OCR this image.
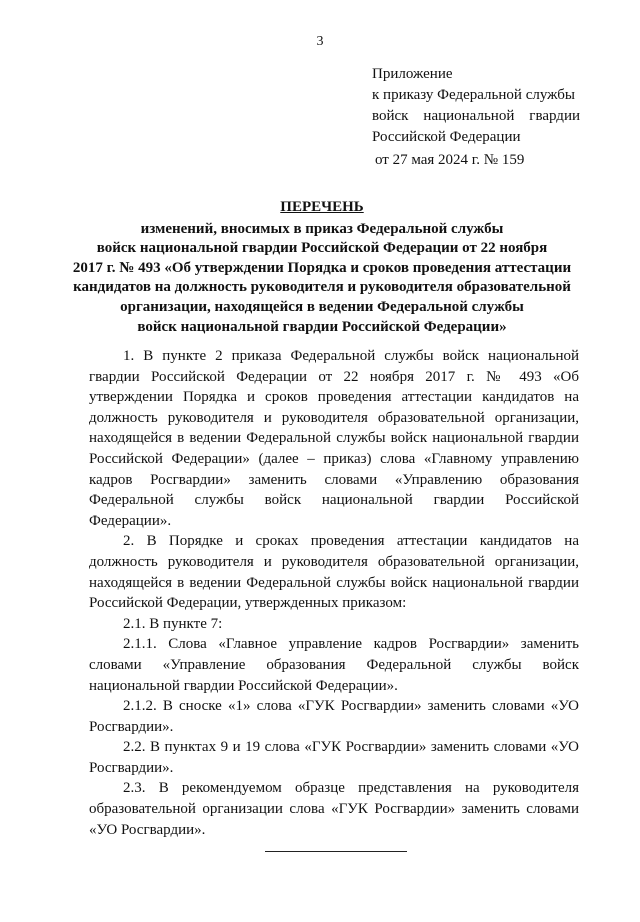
3
Приложение
к приказу Федеральной службы
войск национальной гвардии
Российской Федерации
от 27 мая 2024 г. № 159
ПЕРЕЧЕНЬ
изменений, вносимых в приказ Федеральной службы
войск национальной гвардии Российской Федерации от 22 ноября
2017 г. № 493 «Об утверждении Порядка и сроков проведения аттестации
кандидатов на должность руководителя и руководителя образовательной
организации, находящейся в ведении Федеральной службы
войск национальной гвардии Российской Федерации»

1. В пункте 2 приказа Федеральной службы войск национальной гвардии Российской Федерации от 22 ноября 2017 г. № 493 «Об утверждении Порядка и сроков проведения аттестации кандидатов на должность руководителя и руководителя образовательной организации, находящейся в ведении Федеральной службы войск национальной гвардии Российской Федерации» (далее – приказ) слова «Главному управлению кадров Росгвардии» заменить словами «Управлению образования Федеральной службы войск национальной гвардии Российской Федерации».

2. В Порядке и сроках проведения аттестации кандидатов на должность руководителя и руководителя образовательной организации, находящейся в ведении Федеральной службы войск национальной гвардии Российской Федерации, утвержденных приказом:

2.1. В пункте 7:

2.1.1. Слова «Главное управление кадров Росгвардии» заменить словами «Управление образования Федеральной службы войск национальной гвардии Российской Федерации».

2.1.2. В сноске «1» слова «ГУК Росгвардии» заменить словами «УО Росгвардии».

2.2. В пунктах 9 и 19 слова «ГУК Росгвардии» заменить словами «УО Росгвардии».

2.3. В рекомендуемом образце представления на руководителя образовательной организации слова «ГУК Росгвардии» заменить словами «УО Росгвардии».
